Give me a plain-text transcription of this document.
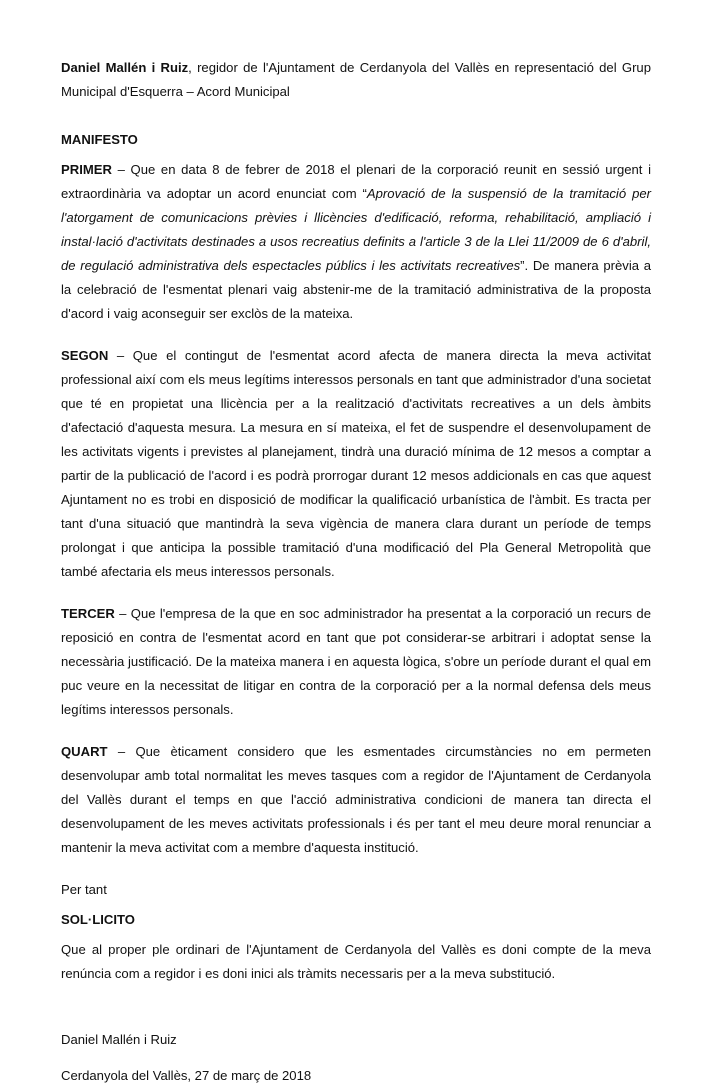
Daniel Mallén i Ruiz, regidor de l'Ajuntament de Cerdanyola del Vallès en representació del Grup Municipal d'Esquerra – Acord Municipal

MANIFESTO

PRIMER – Que en data 8 de febrer de 2018 el plenari de la corporació reunit en sessió urgent i extraordinària va adoptar un acord enunciat com “Aprovació de la suspensió de la tramitació per l'atorgament de comunicacions prèvies i llicències d'edificació, reforma, rehabilitació, ampliació i instal·lació d'activitats destinades a usos recreatius definits a l'article 3 de la Llei 11/2009 de 6 d'abril, de regulació administrativa dels espectacles públics i les activitats recreatives”. De manera prèvia a la celebració de l'esmentat plenari vaig abstenir-me de la tramitació administrativa de la proposta d'acord i vaig aconseguir ser exclòs de la mateixa.

SEGON – Que el contingut de l'esmentat acord afecta de manera directa la meva activitat professional així com els meus legítims interessos personals en tant que administrador d'una societat que té en propietat una llicència per a la realització d'activitats recreatives a un dels àmbits d'afectació d'aquesta mesura. La mesura en sí mateixa, el fet de suspendre el desenvolupament de les activitats vigents i previstes al planejament, tindrà una duració mínima de 12 mesos a comptar a partir de la publicació de l'acord i es podrà prorrogar durant 12 mesos addicionals en cas que aquest Ajuntament no es trobi en disposició de modificar la qualificació urbanística de l'àmbit. Es tracta per tant d'una situació que mantindrà la seva vigència de manera clara durant un període de temps prolongat i que anticipa la possible tramitació d'una modificació del Pla General Metropolità que també afectaria els meus interessos personals.

TERCER – Que l'empresa de la que en soc administrador ha presentat a la corporació un recurs de reposició en contra de l'esmentat acord en tant que pot considerar-se arbitrari i adoptat sense la necessària justificació. De la mateixa manera i en aquesta lògica, s'obre un període durant el qual em puc veure en la necessitat de litigar en contra de la corporació per a la normal defensa dels meus legítims interessos personals.

QUART – Que èticament considero que les esmentades circumstàncies no em permeten desenvolupar amb total normalitat les meves tasques com a regidor de l'Ajuntament de Cerdanyola del Vallès durant el temps en que l'acció administrativa condicioni de manera tan directa el desenvolupament de les meves activitats professionals i és per tant el meu deure moral renunciar a mantenir la meva activitat com a membre d'aquesta institució.

Per tant

SOL·LICITO

Que al proper ple ordinari de l'Ajuntament de Cerdanyola del Vallès es doni compte de la meva renúncia com a regidor i es doni inici als tràmits necessaris per a la meva substitució.

Daniel Mallén i Ruiz

Cerdanyola del Vallès, 27 de març de 2018
